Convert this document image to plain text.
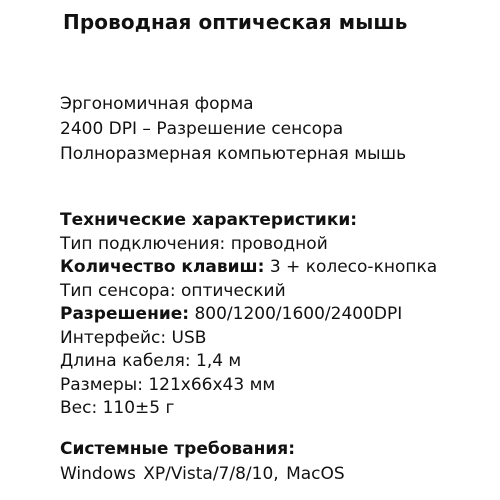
Проводная оптическая мышь
Эргономичная форма
2400 DPI – Разрешение сенсора
Полноразмерная компьютерная мышь
Технические характеристики:
Тип подключения: проводной
Количество клавиш: 3 + колесо-кнопка
Тип сенсора: оптический
Разрешение: 800/1200/1600/2400DPI
Интерфейс: USB
Длина кабеля: 1,4 м
Размеры: 121x66x43 мм
Вес: 110±5 г
Системные требования:
Windows XP/Vista/7/8/10, MacOS
